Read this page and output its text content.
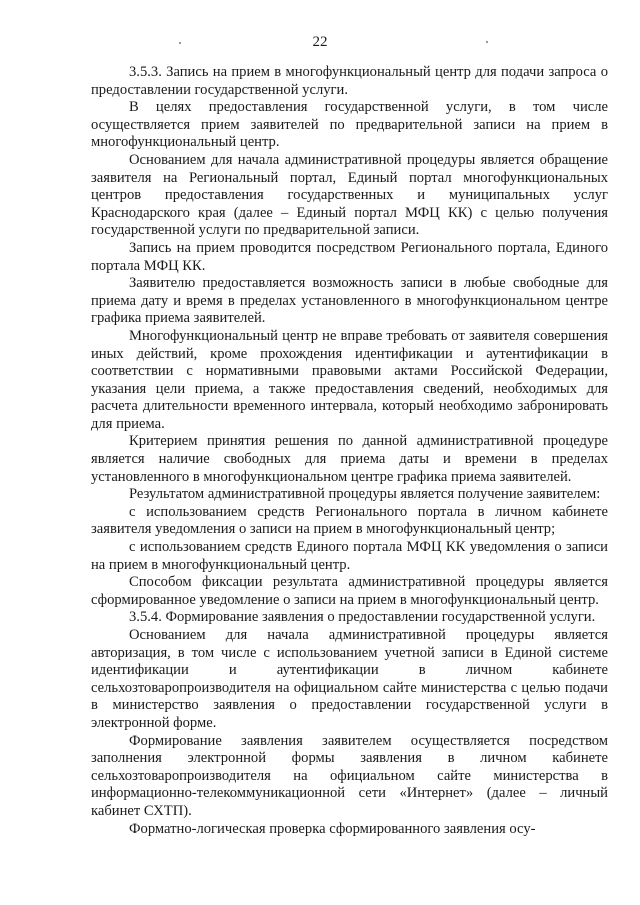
22

3.5.3. Запись на прием в многофункциональный центр для подачи запроса о предоставлении государственной услуги.

В целях предоставления государственной услуги, в том числе осуществляется прием заявителей по предварительной записи на прием в многофункциональный центр.

Основанием для начала административной процедуры является обращение заявителя на Региональный портал, Единый портал многофункциональных центров предоставления государственных и муниципальных услуг Краснодарского края (далее – Единый портал МФЦ КК) с целью получения государственной услуги по предварительной записи.

Запись на прием проводится посредством Регионального портала, Единого портала МФЦ КК.

Заявителю предоставляется возможность записи в любые свободные для приема дату и время в пределах установленного в многофункциональном центре графика приема заявителей.

Многофункциональный центр не вправе требовать от заявителя совершения иных действий, кроме прохождения идентификации и аутентификации в соответствии с нормативными правовыми актами Российской Федерации, указания цели приема, а также предоставления сведений, необходимых для расчета длительности временного интервала, который необходимо забронировать для приема.

Критерием принятия решения по данной административной процедуре является наличие свободных для приема даты и времени в пределах установленного в многофункциональном центре графика приема заявителей.

Результатом административной процедуры является получение заявителем:

с использованием средств Регионального портала в личном кабинете заявителя уведомления о записи на прием в многофункциональный центр;

с использованием средств Единого портала МФЦ КК уведомления о записи на прием в многофункциональный центр.

Способом фиксации результата административной процедуры является сформированное уведомление о записи на прием в многофункциональный центр.

3.5.4. Формирование заявления о предоставлении государственной услуги.

Основанием для начала административной процедуры является авторизация, в том числе с использованием учетной записи в Единой системе идентификации и аутентификации в личном кабинете сельхозтоваропроизводителя на официальном сайте министерства с целью подачи в министерство заявления о предоставлении государственной услуги в электронной форме.

Формирование заявления заявителем осуществляется посредством заполнения электронной формы заявления в личном кабинете сельхозтоваропроизводителя на официальном сайте министерства в информационно-телекоммуникационной сети «Интернет» (далее – личный кабинет СХТП).

Форматно-логическая проверка сформированного заявления осу-
